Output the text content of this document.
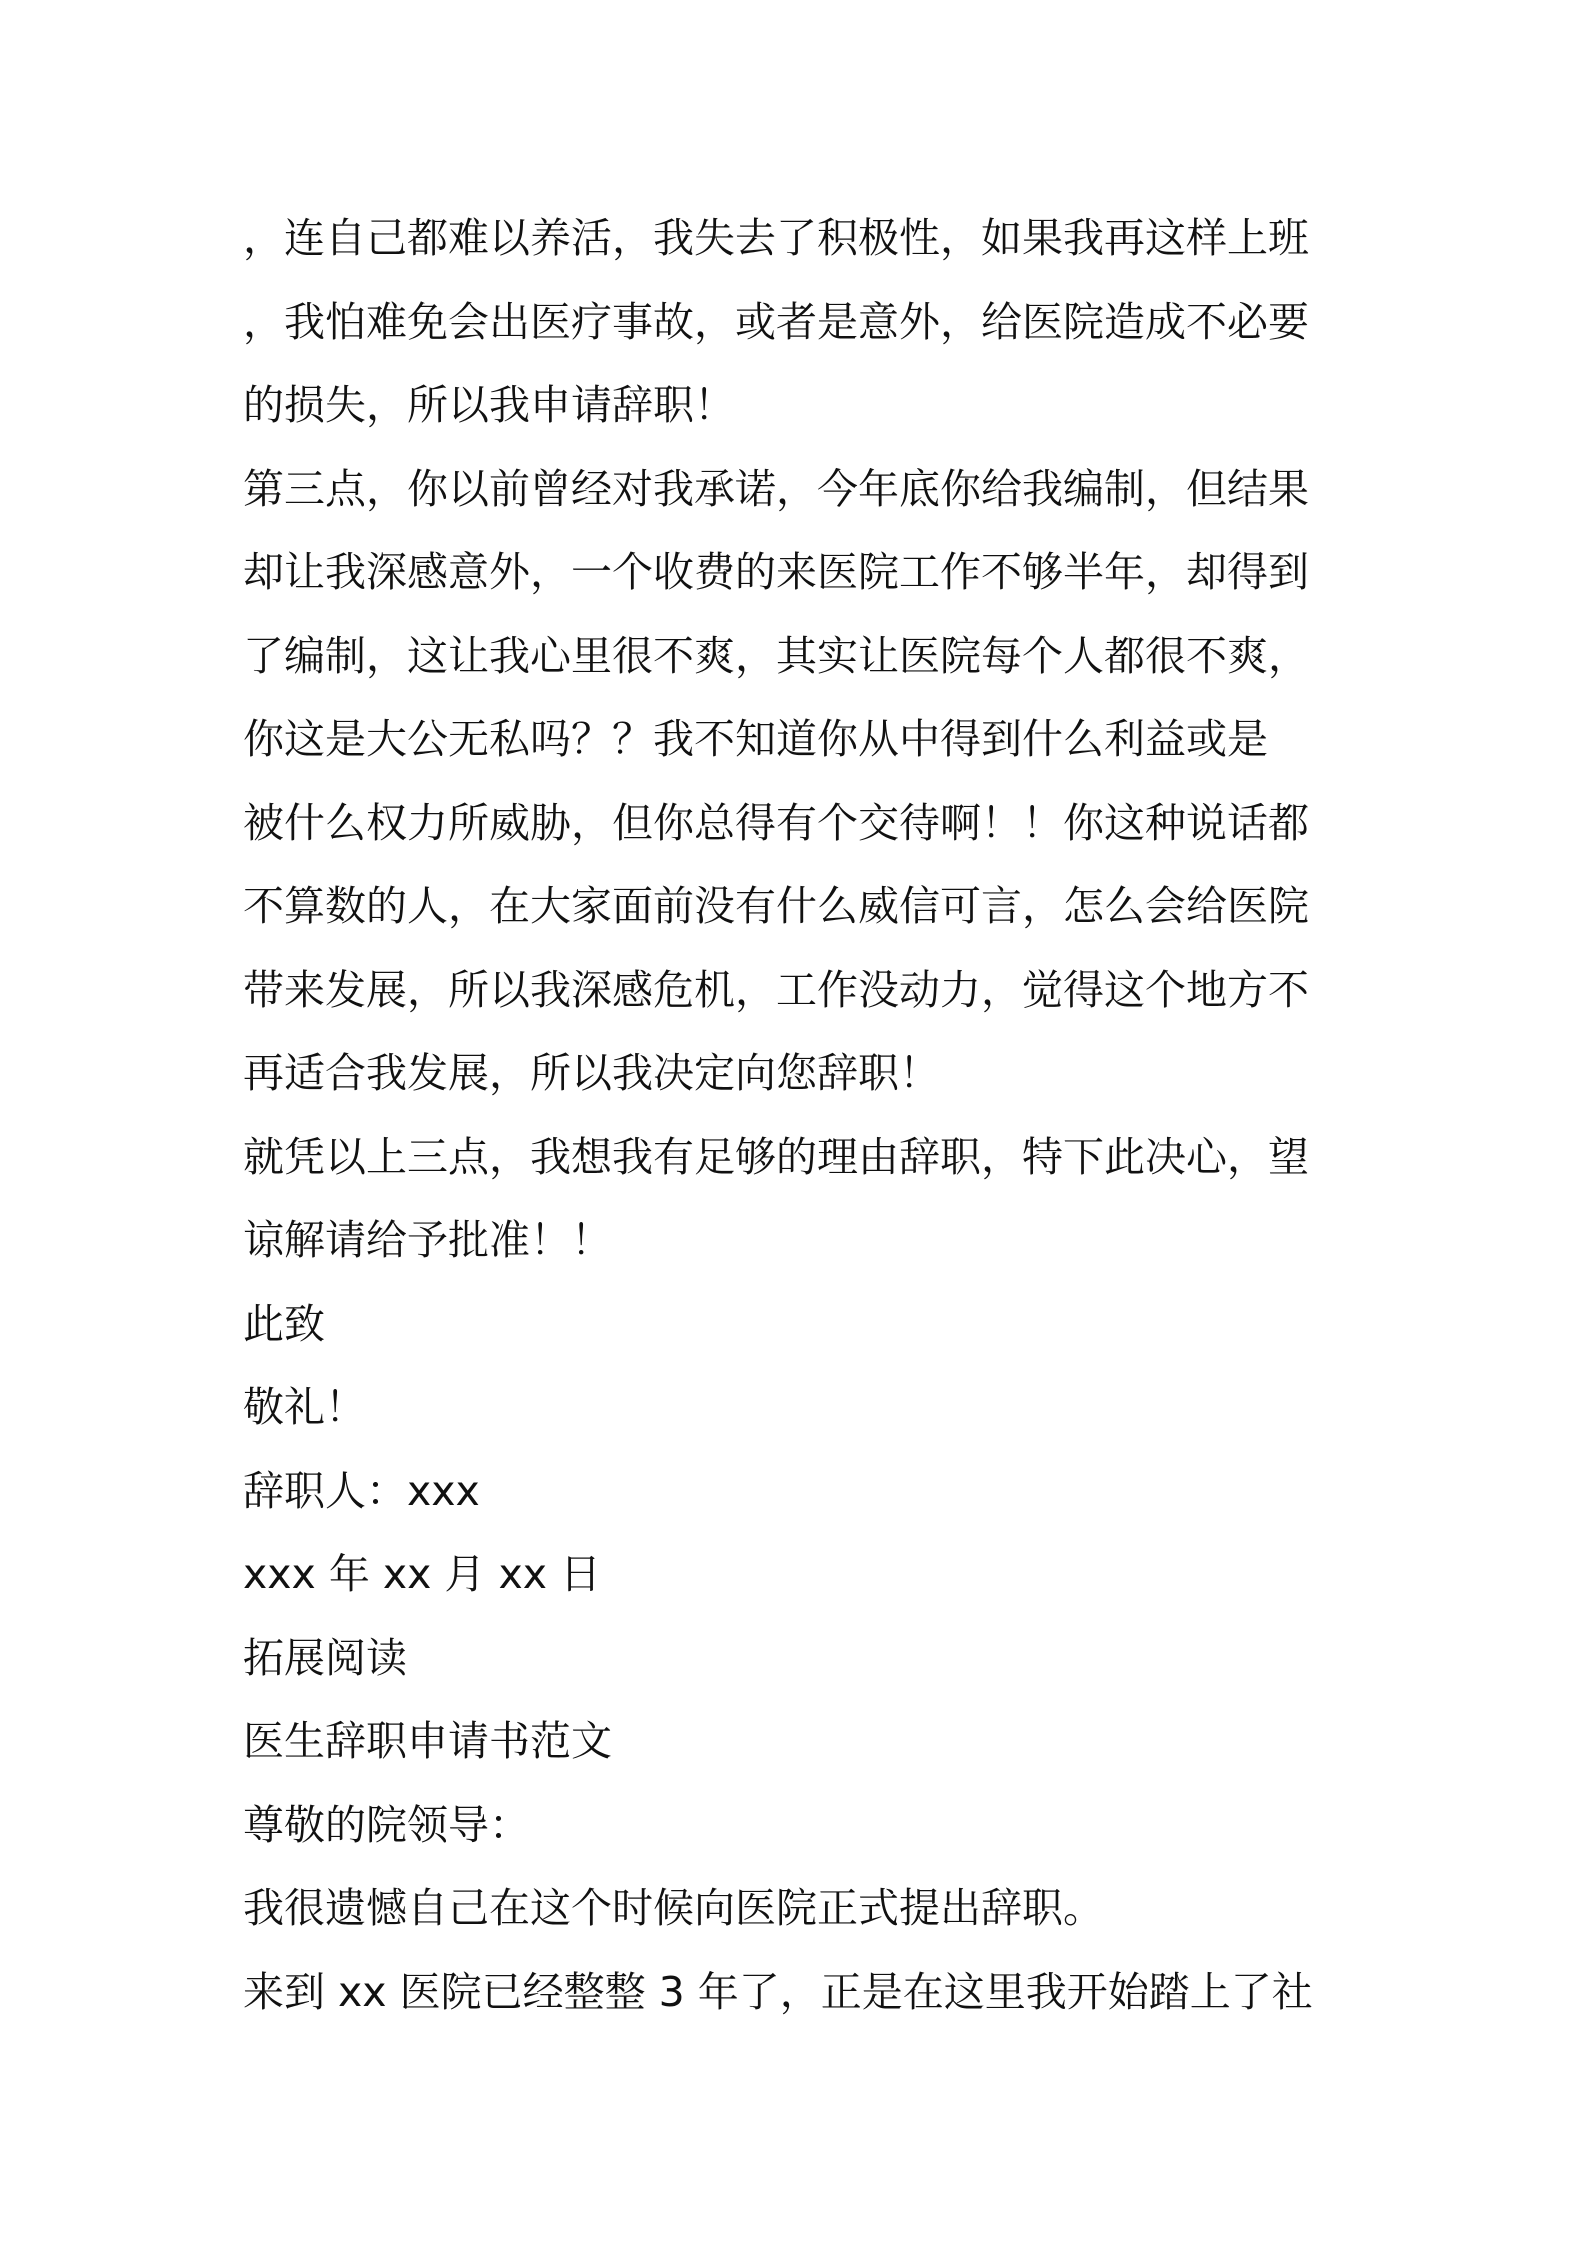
，连自己都难以养活，我失去了积极性，如果我再这样上班
，我怕难免会出医疗事故，或者是意外，给医院造成不必要
的损失，所以我申请辞职！
第三点，你以前曾经对我承诺，今年底你给我编制，但结果
却让我深感意外，一个收费的来医院工作不够半年，却得到
了编制，这让我心里很不爽，其实让医院每个人都很不爽，
你这是大公无私吗？？我不知道你从中得到什么利益或是
被什么权力所威胁，但你总得有个交待啊！！你这种说话都
不算数的人，在大家面前没有什么威信可言，怎么会给医院
带来发展，所以我深感危机，工作没动力，觉得这个地方不
再适合我发展，所以我决定向您辞职！
就凭以上三点，我想我有足够的理由辞职，特下此决心，望
谅解请给予批准！！
此致
敬礼！
辞职人：xxx
xxx 年 xx 月 xx 日
拓展阅读
医生辞职申请书范文
尊敬的院领导：
我很遗憾自己在这个时候向医院正式提出辞职。
来到 xx 医院已经整整 3 年了，正是在这里我开始踏上了社
